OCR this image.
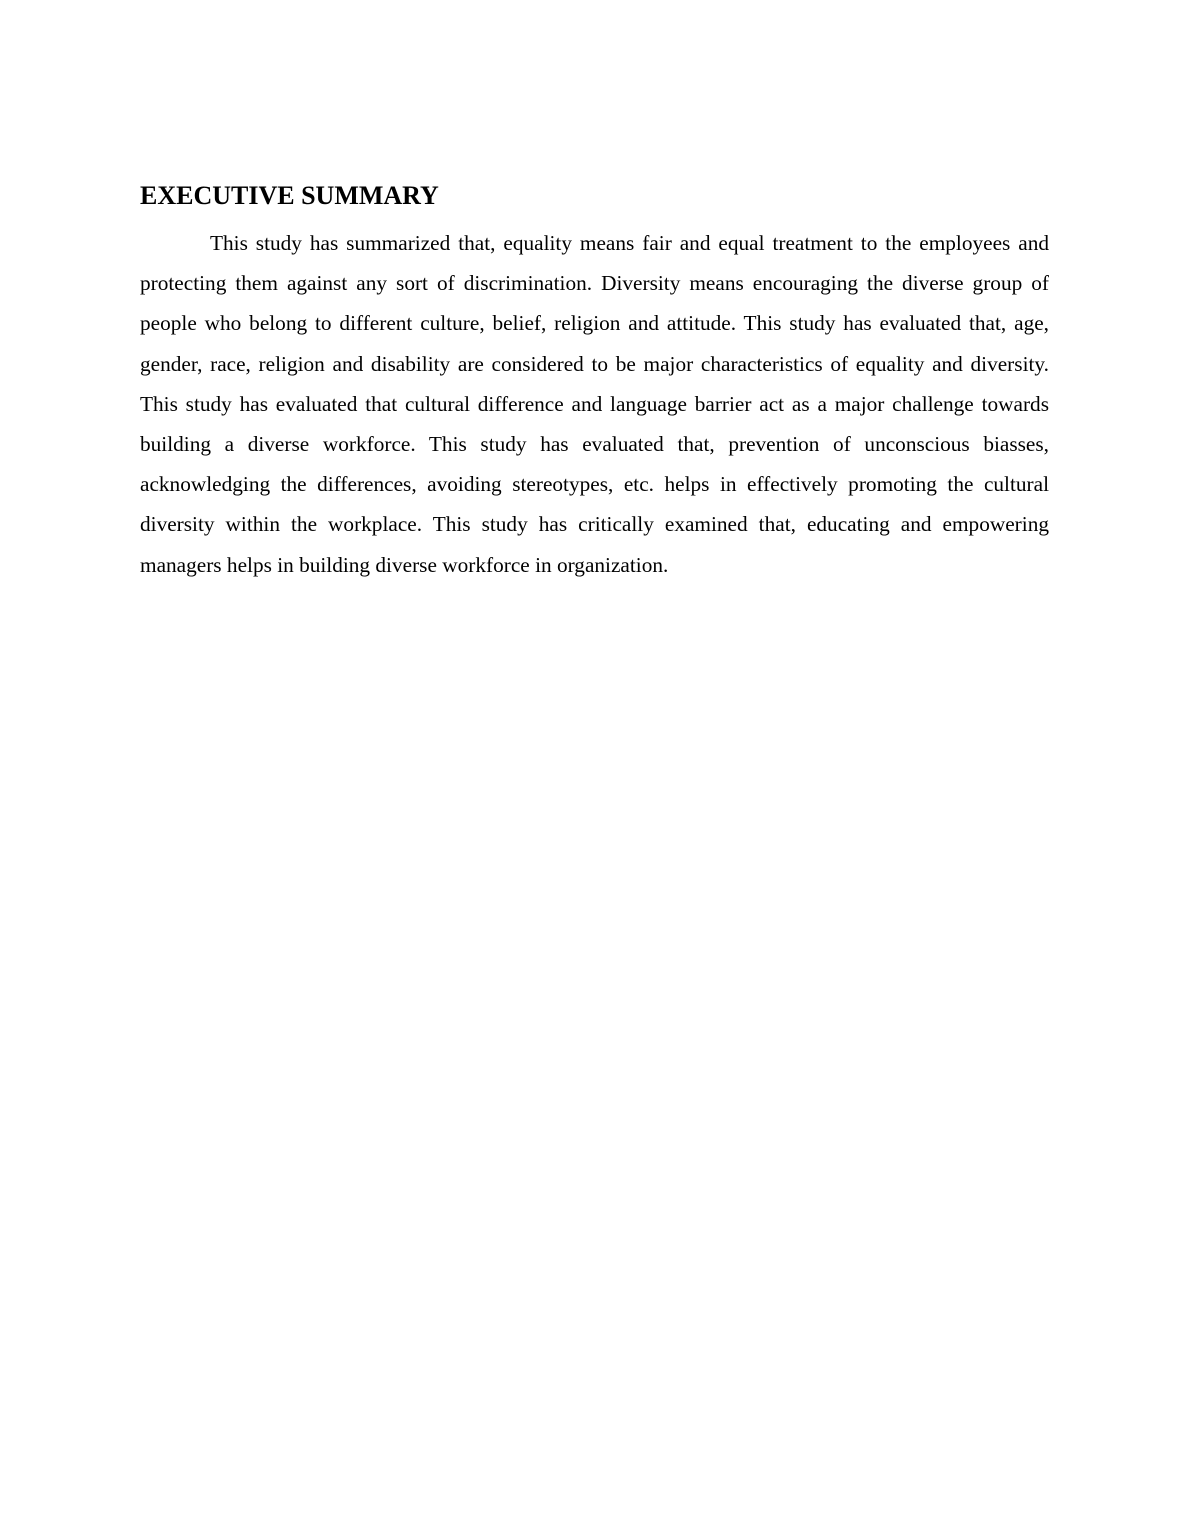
EXECUTIVE SUMMARY

This study has summarized that, equality means fair and equal treatment to the employees and protecting them against any sort of discrimination. Diversity means encouraging the diverse group of people who belong to different culture, belief, religion and attitude. This study has evaluated that, age, gender, race, religion and disability are considered to be major characteristics of equality and diversity. This study has evaluated that cultural difference and language barrier act as a major challenge towards building a diverse workforce. This study has evaluated that, prevention of unconscious biasses, acknowledging the differences, avoiding stereotypes, etc. helps in effectively promoting the cultural diversity within the workplace. This study has critically examined that, educating and empowering managers helps in building diverse workforce in organization.
